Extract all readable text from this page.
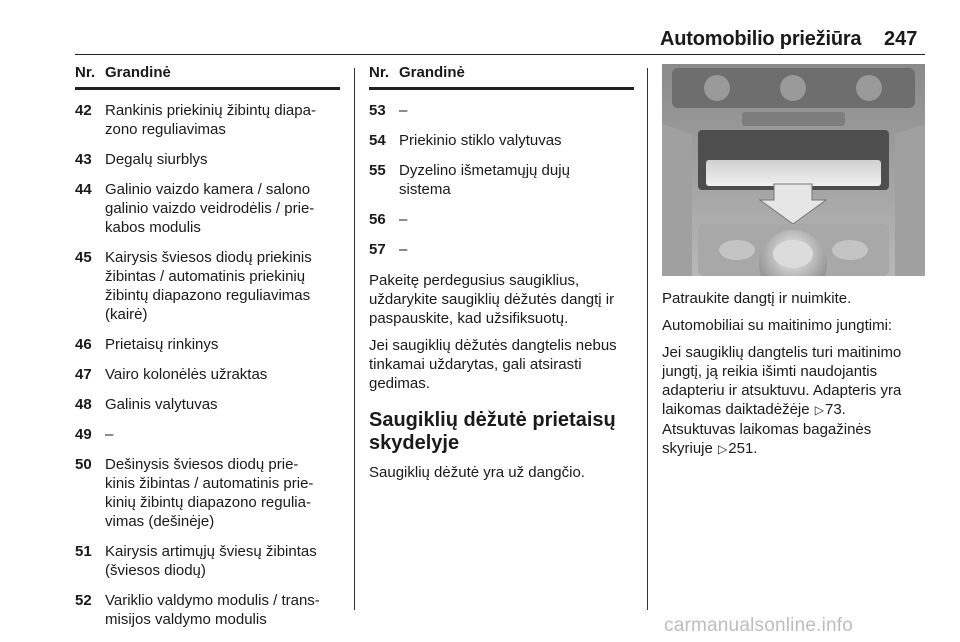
Automobilio priežiūra 247
Nr. Grandinė
42 Rankinis priekinių žibintų diapa-
zono reguliavimas
43 Degalų siurblys
44 Galinio vaizdo kamera / salono
galinio vaizdo veidrodėlis / prie-
kabos modulis
45 Kairysis šviesos diodų priekinis
žibintas / automatinis priekinių
žibintų diapazono reguliavimas
(kairė)
46 Prietaisų rinkinys
47 Vairo kolonėlės užraktas
48 Galinis valytuvas
49 –
50 Dešinysis šviesos diodų prie-
kinis žibintas / automatinis prie-
kinių žibintų diapazono regulia-
vimas (dešinėje)
51 Kairysis artimųjų šviesų žibintas
(šviesos diodų)
52 Variklio valdymo modulis / trans-
misijos valdymo modulis
Nr. Grandinė
53 –
54 Priekinio stiklo valytuvas
55 Dyzelino išmetamųjų dujų
sistema
56 –
57 –

Pakeitę perdegusius saugiklius,
uždarykite saugiklių dėžutės dangtį ir
paspauskite, kad užsifiksuotų.

Jei saugiklių dėžutės dangtelis nebus
tinkamai uždarytas, gali atsirasti
gedimas.

Saugiklių dėžutė prietaisų
skydelyje

Saugiklių dėžutė yra už dangčio.

Patraukite dangtį ir nuimkite.

Automobiliai su maitinimo jungtimi:

Jei saugiklių dangtelis turi maitinimo
jungtį, ją reikia išimti naudojantis
adapteriu ir atsuktuvu. Adapteris yra
laikomas daiktadėžėje ▷73.
Atsuktuvas laikomas bagažinės
skyriuje ▷251.

carmanualsonline.info
